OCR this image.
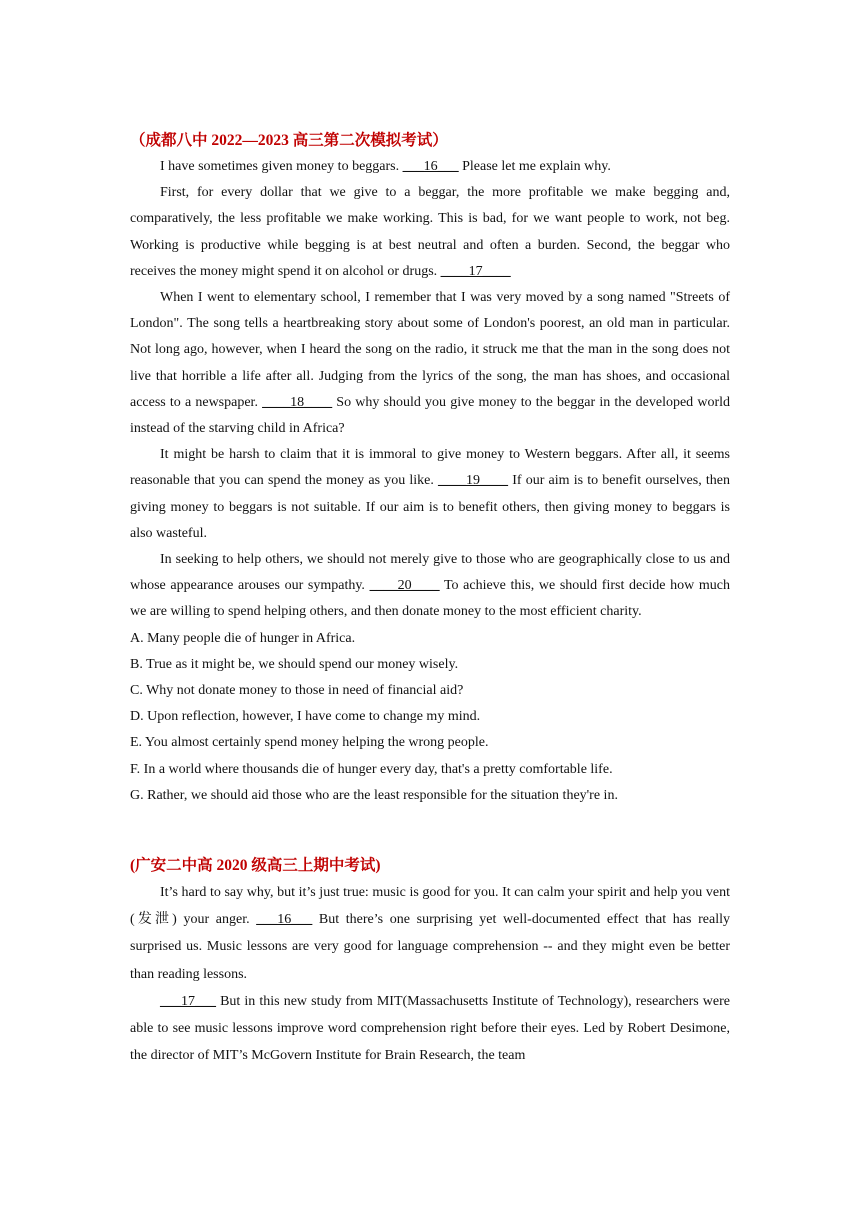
（成都八中 2022—2023 高三第二次模拟考试）

I have sometimes given money to beggars. ___16___ Please let me explain why.

First, for every dollar that we give to a beggar, the more profitable we make begging and, comparatively, the less profitable we make working. This is bad, for we want people to work, not beg. Working is productive while begging is at best neutral and often a burden. Second, the beggar who receives the money might spend it on alcohol or drugs. ____17____

When I went to elementary school, I remember that I was very moved by a song named "Streets of London". The song tells a heartbreaking story about some of London's poorest, an old man in particular. Not long ago, however, when I heard the song on the radio, it struck me that the man in the song does not live that horrible a life after all. Judging from the lyrics of the song, the man has shoes, and occasional access to a newspaper. ____18____ So why should you give money to the beggar in the developed world instead of the starving child in Africa?

It might be harsh to claim that it is immoral to give money to Western beggars. After all, it seems reasonable that you can spend the money as you like. ____19____ If our aim is to benefit ourselves, then giving money to beggars is not suitable. If our aim is to benefit others, then giving money to beggars is also wasteful.

In seeking to help others, we should not merely give to those who are geographically close to us and whose appearance arouses our sympathy. ____20____ To achieve this, we should first decide how much we are willing to spend helping others, and then donate money to the most efficient charity.

A. Many people die of hunger in Africa.

B. True as it might be, we should spend our money wisely.

C. Why not donate money to those in need of financial aid?

D. Upon reflection, however, I have come to change my mind.

E. You almost certainly spend money helping the wrong people.

F. In a world where thousands die of hunger every day, that's a pretty comfortable life.

G. Rather, we should aid those who are the least responsible for the situation they're in.

(广安二中高 2020 级高三上期中考试)

It’s hard to say why, but it’s just true: music is good for you. It can calm your spirit and help you vent (发泄) your anger. ___16___ But there’s one surprising yet well-documented effect that has really surprised us. Music lessons are very good for language comprehension -- and they might even be better than reading lessons.

___17___ But in this new study from MIT(Massachusetts Institute of Technology), researchers were able to see music lessons improve word comprehension right before their eyes. Led by Robert Desimone, the director of MIT’s McGovern Institute for Brain Research, the team
